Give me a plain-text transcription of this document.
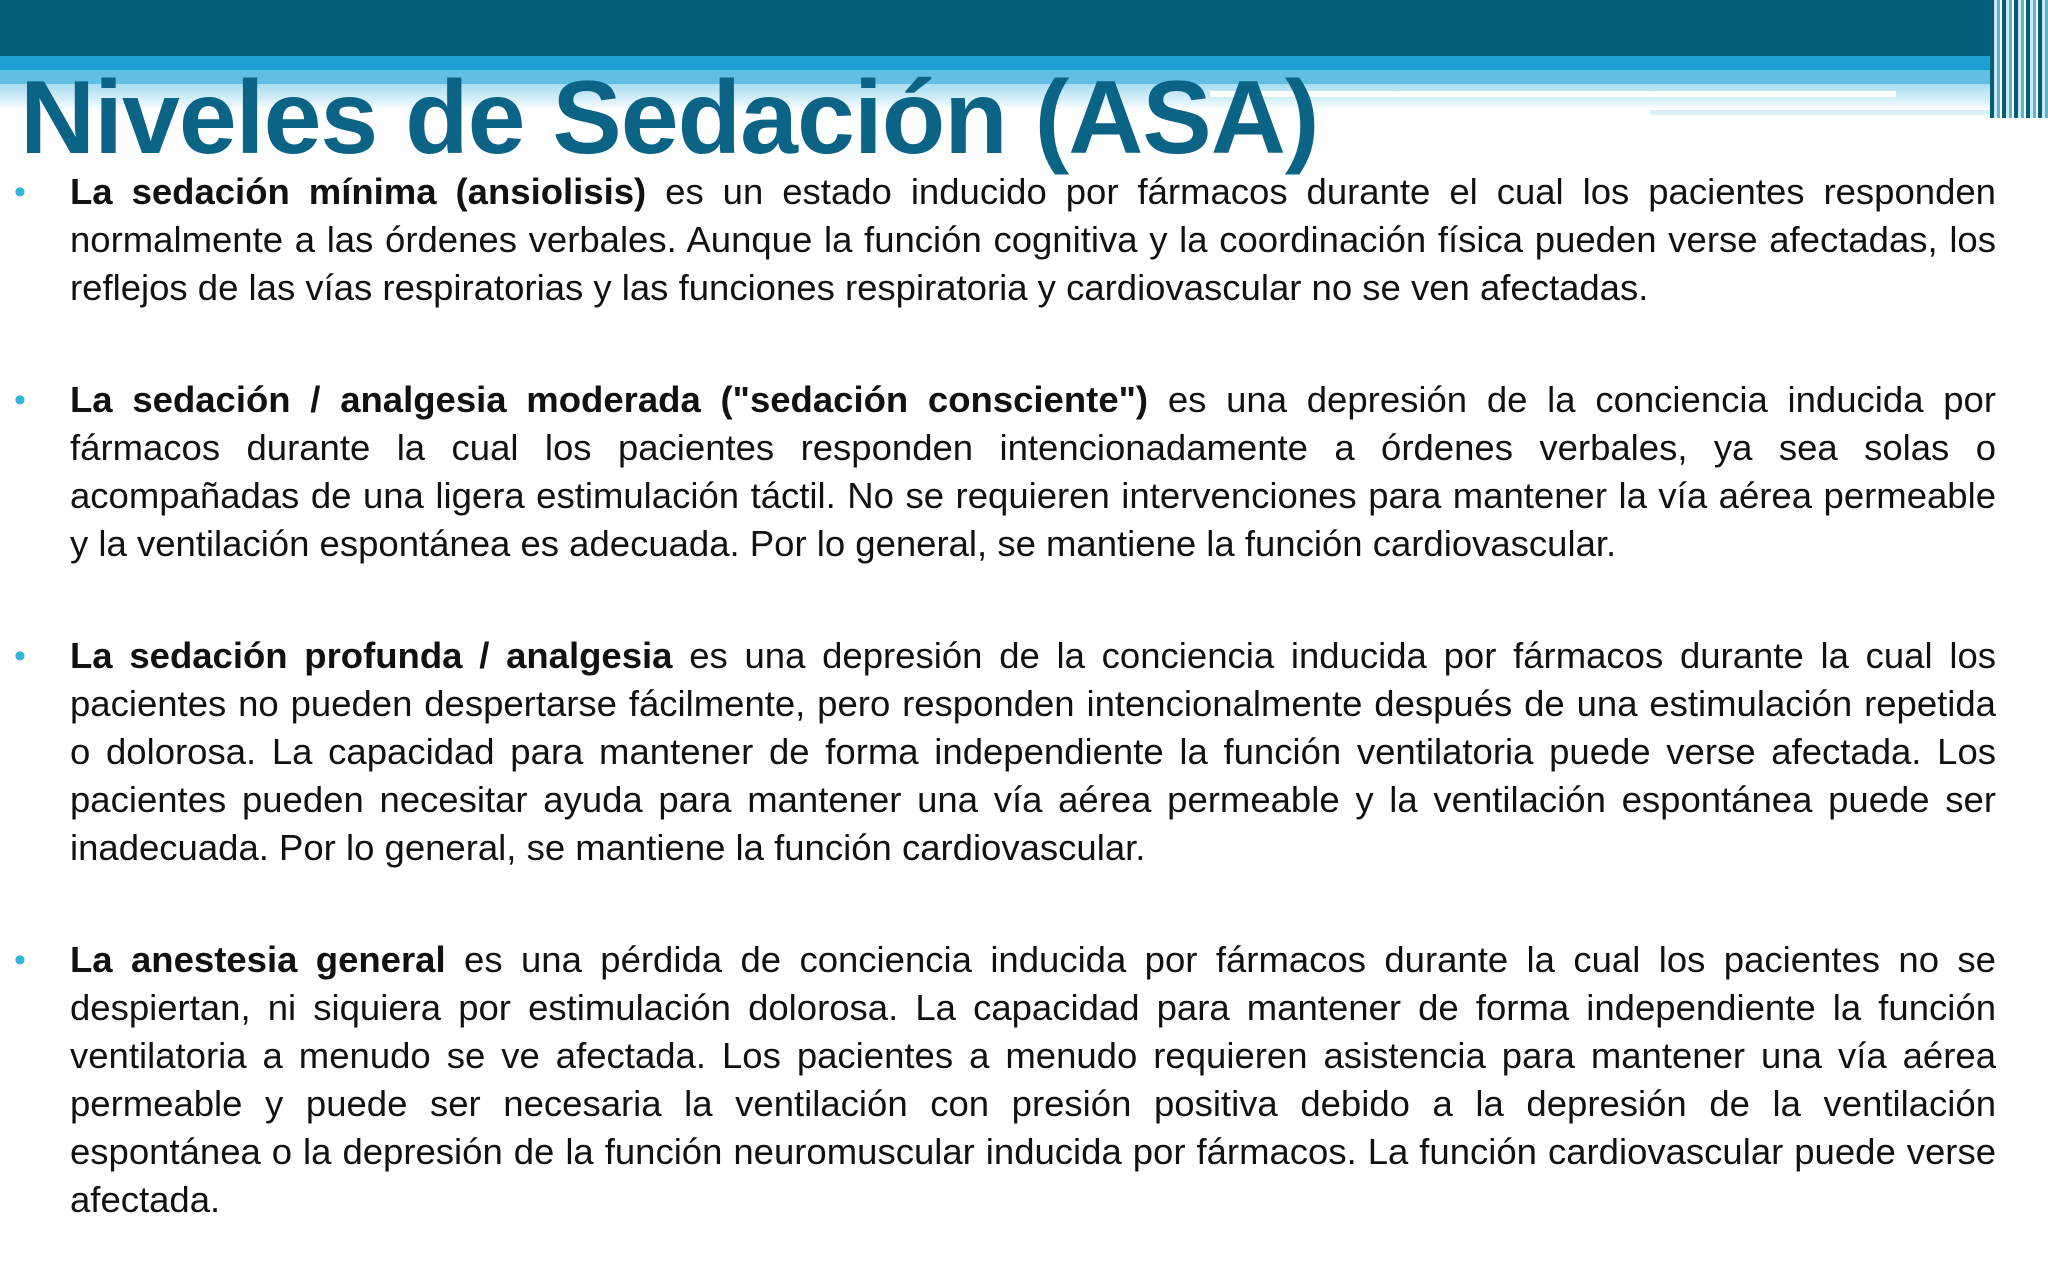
Niveles de Sedación (ASA)
• La sedación mínima (ansiolisis) es un estado inducido por fármacos durante el cual los pacientes responden normalmente a las órdenes verbales. Aunque la función cognitiva y la coordinación física pueden verse afectadas, los reflejos de las vías respiratorias y las funciones respiratoria y cardiovascular no se ven afectadas.
• La sedación / analgesia moderada ("sedación consciente") es una depresión de la conciencia inducida por fármacos durante la cual los pacientes responden intencionadamente a órdenes verbales, ya sea solas o acompañadas de una ligera estimulación táctil. No se requieren intervenciones para mantener la vía aérea permeable y la ventilación espontánea es adecuada. Por lo general, se mantiene la función cardiovascular.
• La sedación profunda / analgesia es una depresión de la conciencia inducida por fármacos durante la cual los pacientes no pueden despertarse fácilmente, pero responden intencionalmente después de una estimulación repetida o dolorosa. La capacidad para mantener de forma independiente la función ventilatoria puede verse afectada. Los pacientes pueden necesitar ayuda para mantener una vía aérea permeable y la ventilación espontánea puede ser inadecuada. Por lo general, se mantiene la función cardiovascular.
• La anestesia general es una pérdida de conciencia inducida por fármacos durante la cual los pacientes no se despiertan, ni siquiera por estimulación dolorosa. La capacidad para mantener de forma independiente la función ventilatoria a menudo se ve afectada. Los pacientes a menudo requieren asistencia para mantener una vía aérea permeable y puede ser necesaria la ventilación con presión positiva debido a la depresión de la ventilación espontánea o la depresión de la función neuromuscular inducida por fármacos. La función cardiovascular puede verse afectada.
